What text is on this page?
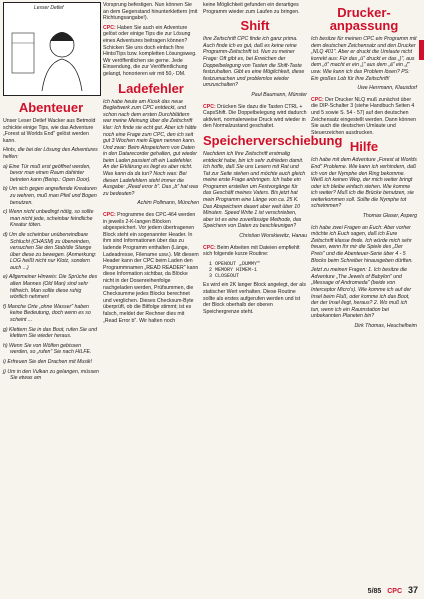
Lesser Detlef
Abenteuer

Unser Leser Detlef Wacker aus Betmold schickte einige Tips, wie das Adventure „Forest at Worlds End" gelöst werden kann.

Hints, die bei der Lösung des Adventures helfen:

a) Eine Tür muß erst geöffnet werden, bevor man einen Raum dahinter betreten kann (Beisp.: Open Door).

b) Um sich gegen angreifende Kreaturen zu wehren, muß man Pfeil und Bogen benutzen.

c) Wenn nicht unbedingt nötig, so sollte man nicht jede, scheinbar feindliche Kreatur töten.

d) Um die scheinbar unüberwindbare Schlucht (CHASM) zu überwinden, versuchen Sie den Stab/die Stange über diese zu bewegen. (Anmerkung: LOG heißt nicht nur Klotz, sondern auch ...)

e) Allgemeiner Hinweis: Die Sprüche des alten Mannes (Old Man) sind sehr hilfreich. Man sollte diese ruhig wörtlich nehmen!

f) Manche Orte „ohne Wasser" haben keine Bedeutung, doch wenn es so scheint ...

g) Klettern Sie in das Boot, rufen Sie und klettern Sie wieder heraus.

h) Wenn Sie von Wölfen gebissen werden, so „rufen" Sie nach HILFE.

i) Erfreuen Sie den Drachen mit Musik!

j) Um in den Vulkan zu gelangen, müssen Sie etwas am

Vorsprung befestigen. Nun können Sie an dem Gegenstand hinunterklettern (mit Richtungsangabe!).

CPC: Haben Sie auch ein Adventure gelöst oder einige Tips die zur Lösung eines Adventures beitragen können? Schicken Sie uns doch einfach Ihre Hints/Tips bzw. kompletten Lösungsweg. Wir veröffentlichen sie gerne. Jede Einsendung, die zur Veröffentlichung gelangt, honorieren wir mit 50,- DM.

Ladefehler

Ich habe heute am Kiosk das neue Begleitwerk zum CPC entdeckt, und schon nach dem ersten Durchblättern war meine Meinung über die Zeitschrift klar: Ich finde sie echt gut. Aber ich hätte noch eine Frage zum CPC, den ich seit gut 3 Wochen mein Eigen nennen kann. Und zwar: Beim Abspeichern von Daten in den Datarecorder gehalten, gut wieder beim Laden passiert oft ein Ladefehler. An der Erklärung es liegt es aber nicht. Was kann da da tun? Noch was: Bei diesen Ladefehlern steht immer die Ausgabe: „Read error b". Das „b" hat was zu bedeuten?

Achim Pollmann, München

CPC: Programme des CPC-464 werden in jeweils 2-K-langen Blöcken abgespeichert. Vor jedem übertragenen Block steht ein sogenannter Header. In ihm sind Informationen über das zu ladende Programm enthalten (Länge, Ladeadresse, Filename usw.). Mit diesem Header kann der CPC beim Laden den Programmnamen „READ READER" kann diese Information sichtbar, da Blöcke nicht in der Dosenreihenfolge nachgeladen werden, Prüfsummen, die Checksumme jedes Blocks berechnet und verglichen. Dieses Checksum-Byte überprüft, ob die Bitfolge stimmt; ist es falsch, meldet der Rechner dies mit „Read Error b". Wir halten noch

keine Möglichkeit gefunden ein derartiges Programm wieder zum Laufen zu bringen.

Shift

Ihre Zeitschrift CPC finde ich ganz prima. Auch finde ich es gut, daß es keine reine Programm-Zeitschrift ist. Nun zu meiner Frage: Oft gibt es, bei Erreichen der Doppelbelegung von Tasten die Shift-Taste festzuhalten. Gibt es eine Möglichkeit, diese festzumachen und problemlos wieder umzuschalten?

Paul Baumann, Münster

CPC: Drücken Sie dazu die Tasten CTRL + CapsShift. Die Doppelbelegung wird dadurch aktiviert, normalerweise Druck wird wieder in den Normalzustand geschaltet.

Speicherverschiebung

Nachdem ich Ihre Zeitschrift erstmalig entdeckt habe, bin ich sehr zufrieden damit. Ich hoffe, daß Sie uns Lesern mit Rat und Tat zur Seite stehen und möchte auch gleich meine erste Frage anbringen. Ich habe ein Programm erstellen um Festvorgänge für das Geschäft meines Vaters. Bis jetzt hat mein Programm eine Länge von ca. 25 K. Das Abspeichern dauert aber weit über 10 Minuten. Speed Write 1 ist verschrieben, aber ist es eine zuverlässige Methode, das Speichern von Daten zu beschleunigen?

Christian Worskiewitz, Hanau

CPC: Beim Arbeiten mit Dateien empfiehlt sich folgende kurze Routine:

1 OPENOUT „DUMMY"
2 MEMORY HIMEM-1
3 CLOSEOUT

Es wird ein 2K langer Block angelegt, der als statischer Wert verhalten. Diese Routine sollte als erstes aufgerufen werden und ist der Block oberhalb der oberen Speichergrenze steht.

Drucker-
anpassung

Ich besitze für meinen CPC ein Programm mit dem deutschen Zeichensatz und den Drucker „NLQ 401". Aber er druckt die Umlaute nicht korrekt aus: Für das „ü" druckt er das „}", aus dem „ö" macht er ein „|" aus dem „ä" ein „{" usw. Wie kann ich das Problem lösen? PS: Ein großes Lob für Ihre Zeitschrift!

Uwe Herrmann, Klausdorf

CPC: Der Drucker NLQ muß zunächst über die DIP-Schalter 3 (siehe Handbuch Seiten 4 und 5 sowie S. 54 - 57) auf den deutschen Zeichensatz eingestellt werden. Dann können Sie auch die deutschen Umlaute und Steuerzeichen ausdrucken.

Hilfe

Ich habe mit dem Adventure „Forest at Worlds End" Probleme. Wie kann ich verhindern, daß ich von der Nymphe den Ring bekomme. Weiß ich keinen Weg, der mich weiter bringt oder ich bleibe einfach stehen. Wie komme ich weiter? Muß ich die Brücke benutzen, sie weiterkommen soll. Sollte die Nymphe tot schwimmen?

Thomas Glaser, Asperg

Ich habe zwei Fragen an Euch: Aber vorher möchte ich Euch sagen, daß ich Eure Zeitschrift klasse finde. Ich würde mich sehr freuen, wenn Ihr mir die Spiele des „Der Preis" und die Abenteuer-Serie über 4 - 5 Blocks beim Schreiber hinausgeben dürften.

Jetzt zu meinen Fragen: 1. Ich besitze die Adventure „The Jewels of Babylon" und „Message of Andromeda" (beide von Interceptor Micro's). Wie komme ich auf der Insel beim Fluß, oder komme ich das Boot, der der Insel liegt, heraus? 2. Wo muß ich tun, wenn ich ein Raumstation bei unbekannten Planeten bin?

Dirk Thomas, Heuchelheim

5/85 CPC 37
